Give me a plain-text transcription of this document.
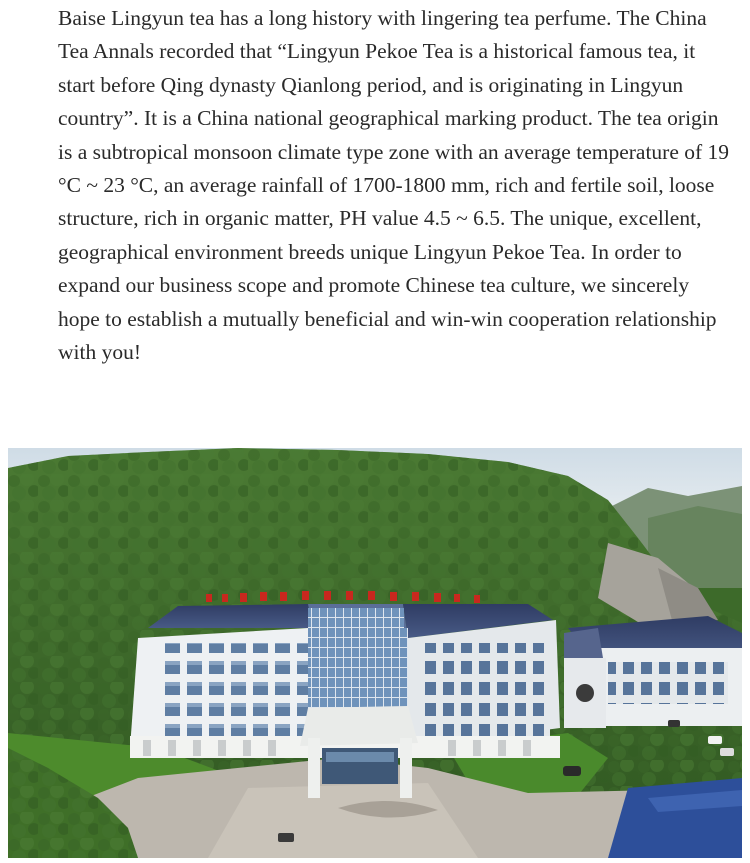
Baise Lingyun tea has a long history with lingering tea perfume. The China Tea Annals recorded that “Lingyun Pekoe Tea is a historical famous tea, it start before Qing dynasty Qianlong period, and is originating in Lingyun country”. It is a China national geographical marking product. The tea origin is a subtropical monsoon climate type zone with an average temperature of 19 °C ~ 23 °C, an average rainfall of 1700-1800 mm, rich and fertile soil, loose structure, rich in organic matter, PH value 4.5 ~ 6.5. The unique, excellent, geographical environment breeds unique Lingyun Pekoe Tea. In order to expand our business scope and promote Chinese tea culture, we sincerely hope to establish a mutually beneficial and win-win cooperation relationship with you!
